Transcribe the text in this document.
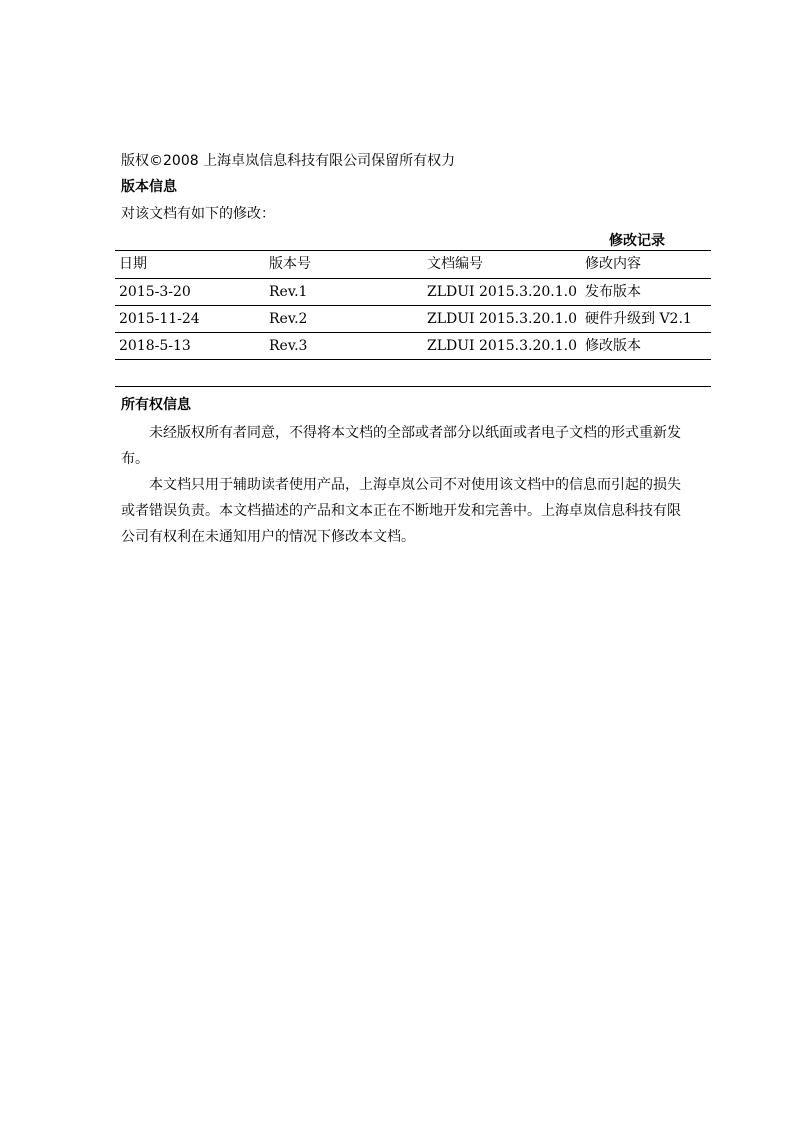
版权©2008 上海卓岚信息科技有限公司保留所有权力
版本信息
对该文档有如下的修改：
修改记录
日期	版本号	文档编号	修改内容
2015-3-20	Rev.1	ZLDUI 2015.3.20.1.0	发布版本
2015-11-24	Rev.2	ZLDUI 2015.3.20.1.0	硬件升级到 V2.1
2018-5-13	Rev.3	ZLDUI 2015.3.20.1.0	修改版本
所有权信息

未经版权所有者同意，不得将本文档的全部或者部分以纸面或者电子文档的形式重新发布。

本文档只用于辅助读者使用产品，上海卓岚公司不对使用该文档中的信息而引起的损失或者错误负责。本文档描述的产品和文本正在不断地开发和完善中。上海卓岚信息科技有限公司有权利在未通知用户的情况下修改本文档。
